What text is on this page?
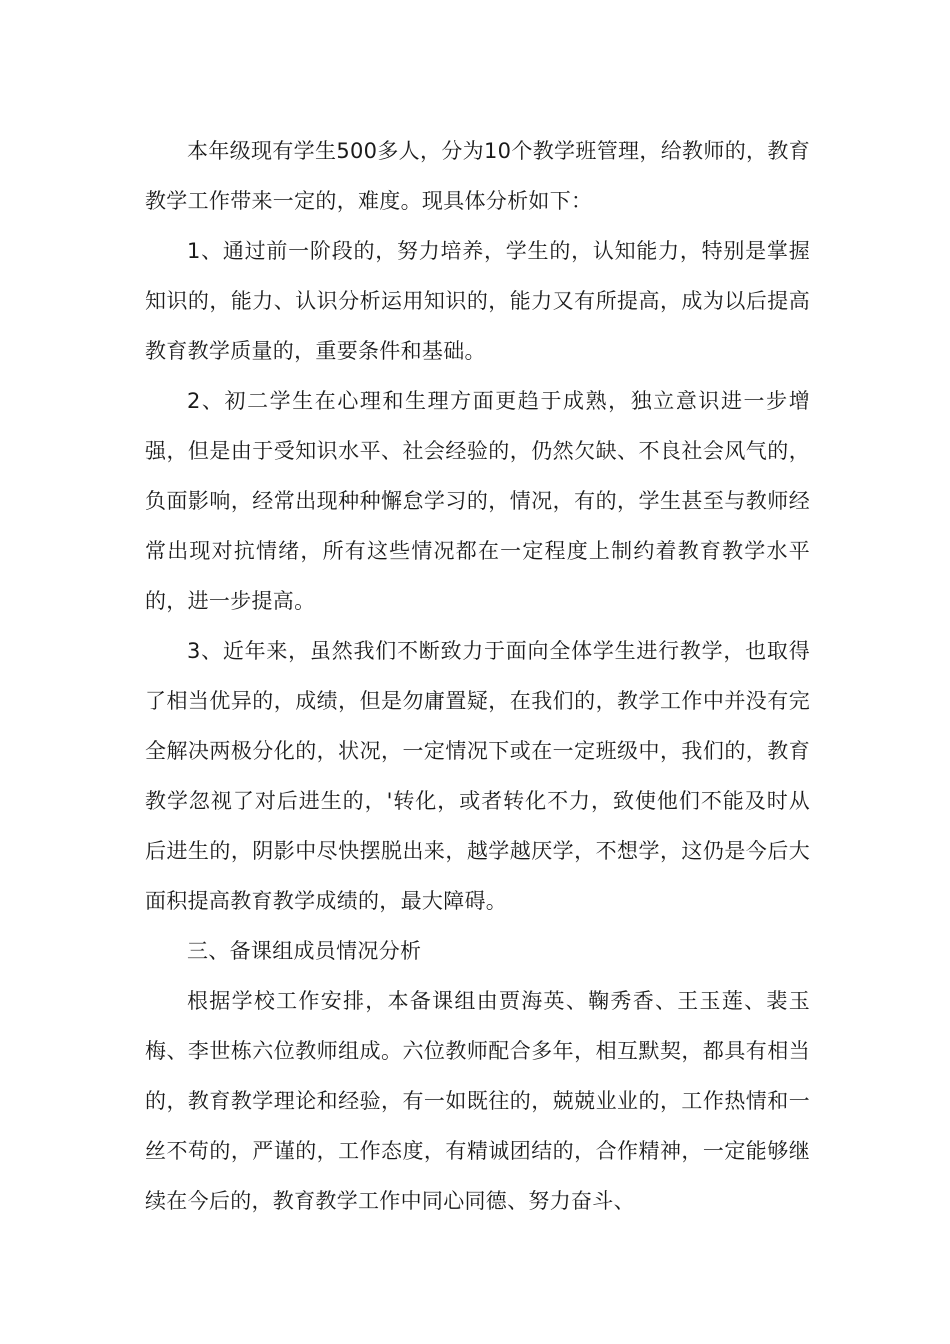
本年级现有学生500多人，分为10个教学班管理，给教师的，教育教学工作带来一定的，难度。现具体分析如下：

1、通过前一阶段的，努力培养，学生的，认知能力，特别是掌握知识的，能力、认识分析运用知识的，能力又有所提高，成为以后提高教育教学质量的，重要条件和基础。

2、初二学生在心理和生理方面更趋于成熟，独立意识进一步增强，但是由于受知识水平、社会经验的，仍然欠缺、不良社会风气的，负面影响，经常出现种种懈怠学习的，情况，有的，学生甚至与教师经常出现对抗情绪，所有这些情况都在一定程度上制约着教育教学水平的，进一步提高。

3、近年来，虽然我们不断致力于面向全体学生进行教学，也取得了相当优异的，成绩，但是勿庸置疑，在我们的，教学工作中并没有完全解决两极分化的，状况，一定情况下或在一定班级中，我们的，教育教学忽视了对后进生的，'转化，或者转化不力，致使他们不能及时从后进生的，阴影中尽快摆脱出来，越学越厌学，不想学，这仍是今后大面积提高教育教学成绩的，最大障碍。

三、备课组成员情况分析

根据学校工作安排，本备课组由贾海英、鞠秀香、王玉莲、裴玉梅、李世栋六位教师组成。六位教师配合多年，相互默契，都具有相当的，教育教学理论和经验，有一如既往的，兢兢业业的，工作热情和一丝不苟的，严谨的，工作态度，有精诚团结的，合作精神，一定能够继续在今后的，教育教学工作中同心同德、努力奋斗、
